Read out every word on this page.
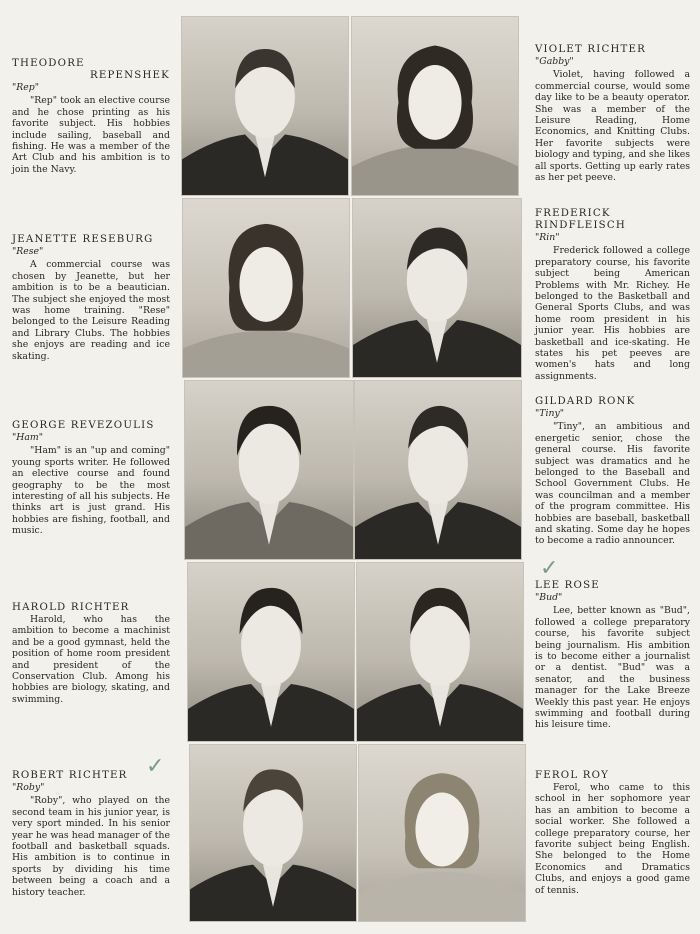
THEODORE
REPENSHEK
"Rep"
"Rep" took an elective course and he chose printing as his favorite subject. His hobbies include sailing, baseball and fishing. He was a member of the Art Club and his ambition is to join the Navy.
VIOLET RICHTER
"Gabby"
Violet, having followed a commercial course, would some day like to be a beauty operator. She was a member of the Leisure Reading, Home Economics, and Knitting Clubs. Her favorite subjects were biology and typing, and she likes all sports. Getting up early rates as her pet peeve.
JEANETTE RESEBURG
"Rese"
A commercial course was chosen by Jeanette, but her ambition is to be a beautician. The subject she enjoyed the most was home training. "Rese" belonged to the Leisure Reading and Library Clubs. The hobbies she enjoys are reading and ice skating.
FREDERICK
RINDFLEISCH
"Rin"
Frederick followed a college preparatory course, his favorite subject being American Problems with Mr. Richey. He belonged to the Basketball and General Sports Clubs, and was home room president in his junior year. His hobbies are basketball and ice-skating. He states his pet peeves are women's hats and long assignments.
GEORGE REVEZOULIS
"Ham"
"Ham" is an "up and coming" young sports writer. He followed an elective course and found geography to be the most interesting of all his subjects. He thinks art is just grand. His hobbies are fishing, football, and music.
GILDARD RONK
"Tiny"
"Tiny", an ambitious and energetic senior, chose the general course. His favorite subject was dramatics and he belonged to the Baseball and School Government Clubs. He was councilman and a member of the program committee. His hobbies are baseball, basketball and skating. Some day he hopes to become a radio announcer.
HAROLD RICHTER
Harold, who has the ambition to become a machinist and be a good gymnast, held the position of home room president and president of the Conservation Club. Among his hobbies are biology, skating, and swimming.
✓
LEE ROSE
"Bud"
Lee, better known as "Bud", followed a college preparatory course, his favorite subject being journalism. His ambition is to become either a journalist or a dentist. "Bud" was a senator, and the business manager for the Lake Breeze Weekly this past year. He enjoys swimming and football during his leisure time.
ROBERT RICHTER
"Roby"
"Roby", who played on the second team in his junior year, is very sport minded. In his senior year he was head manager of the football and basketball squads. His ambition is to continue in sports by dividing his time between being a coach and a history teacher.
✓	FEROL ROY
Ferol, who came to this school in her sophomore year has an ambition to become a social worker. She followed a college preparatory course, her favorite subject being English. She belonged to the Home Economics and Dramatics Clubs, and enjoys a good game of tennis.
